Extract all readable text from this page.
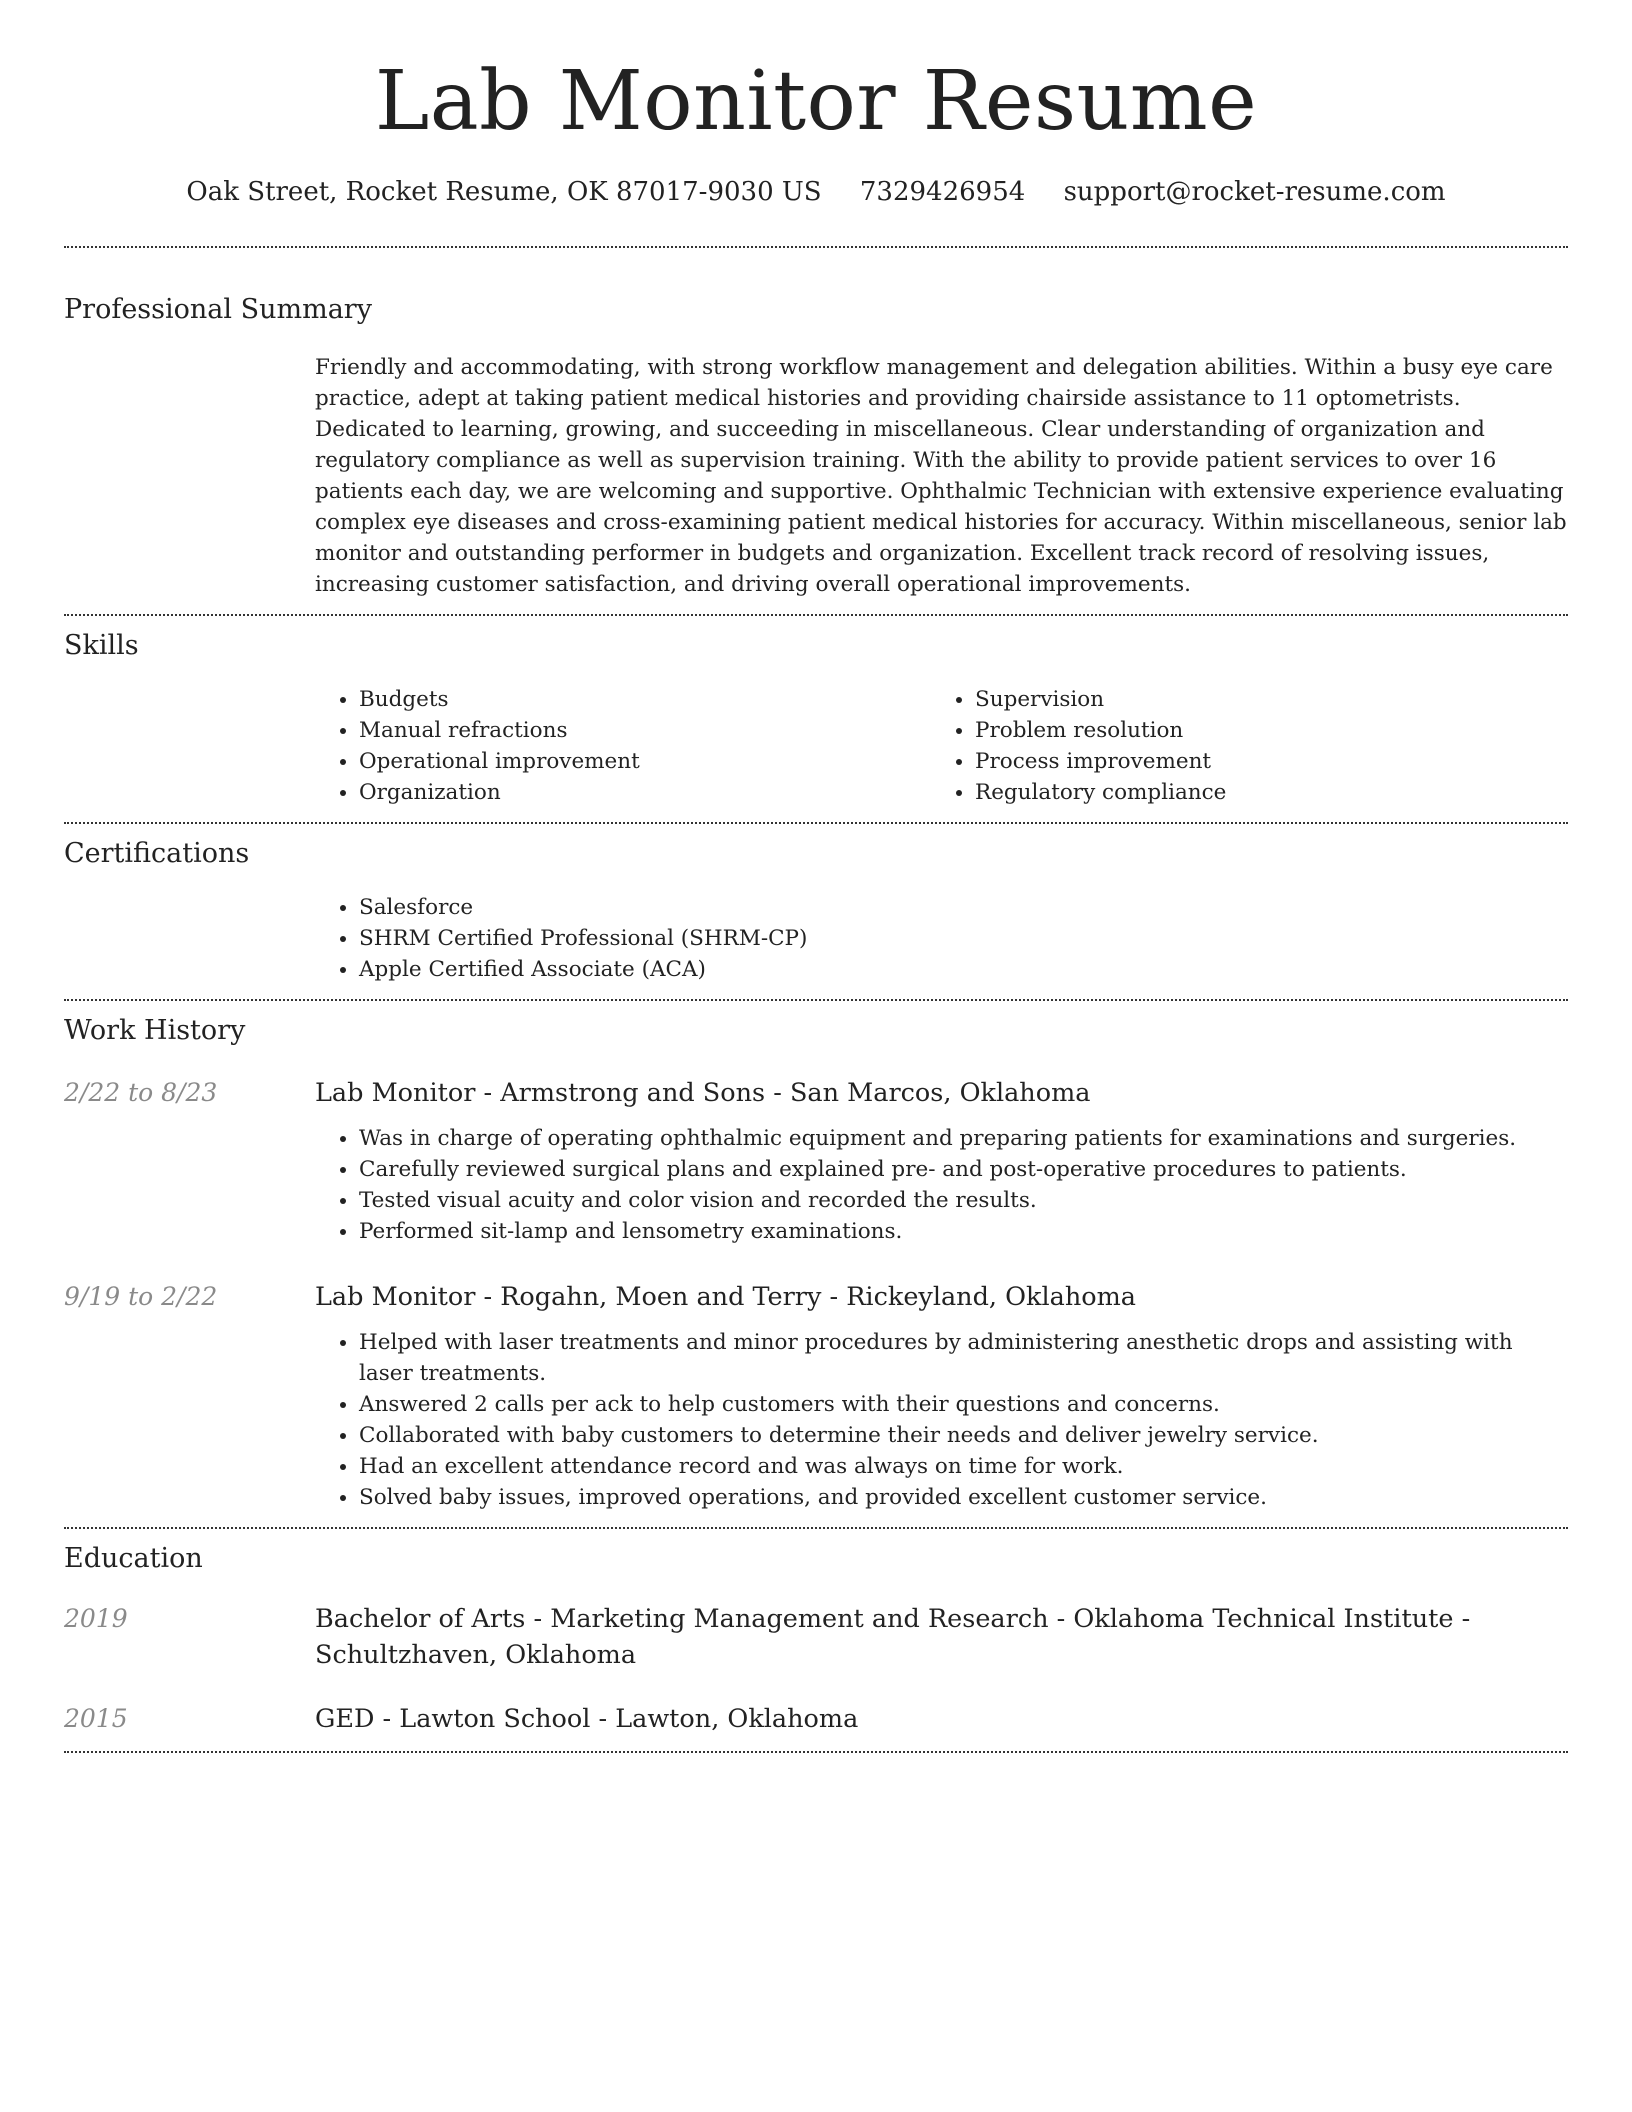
Lab Monitor Resume
Oak Street, Rocket Resume, OK 87017-9030 US 7329426954 support@rocket-resume.com
Professional Summary
Friendly and accommodating, with strong workflow management and delegation abilities. Within a busy eye care practice, adept at taking patient medical histories and providing chairside assistance to 11 optometrists. Dedicated to learning, growing, and succeeding in miscellaneous. Clear understanding of organization and regulatory compliance as well as supervision training. With the ability to provide patient services to over 16 patients each day, we are welcoming and supportive. Ophthalmic Technician with extensive experience evaluating complex eye diseases and cross-examining patient medical histories for accuracy. Within miscellaneous, senior lab monitor and outstanding performer in budgets and organization. Excellent track record of resolving issues, increasing customer satisfaction, and driving overall operational improvements.
Skills
• Budgets
• Manual refractions
• Operational improvement
• Organization
• Supervision
• Problem resolution
• Process improvement
• Regulatory compliance
Certifications
• Salesforce
• SHRM Certified Professional (SHRM-CP)
• Apple Certified Associate (ACA)
Work History
2/22 to 8/23	Lab Monitor - Armstrong and Sons - San Marcos, Oklahoma
• Was in charge of operating ophthalmic equipment and preparing patients for examinations and surgeries.
• Carefully reviewed surgical plans and explained pre- and post-operative procedures to patients.
• Tested visual acuity and color vision and recorded the results.
• Performed sit-lamp and lensometry examinations.
9/19 to 2/22	Lab Monitor - Rogahn, Moen and Terry - Rickeyland, Oklahoma
• Helped with laser treatments and minor procedures by administering anesthetic drops and assisting with laser treatments.
• Answered 2 calls per ack to help customers with their questions and concerns.
• Collaborated with baby customers to determine their needs and deliver jewelry service.
• Had an excellent attendance record and was always on time for work.
• Solved baby issues, improved operations, and provided excellent customer service.
Education
2019	Bachelor of Arts - Marketing Management and Research - Oklahoma Technical Institute - Schultzhaven, Oklahoma
2015	GED - Lawton School - Lawton, Oklahoma
